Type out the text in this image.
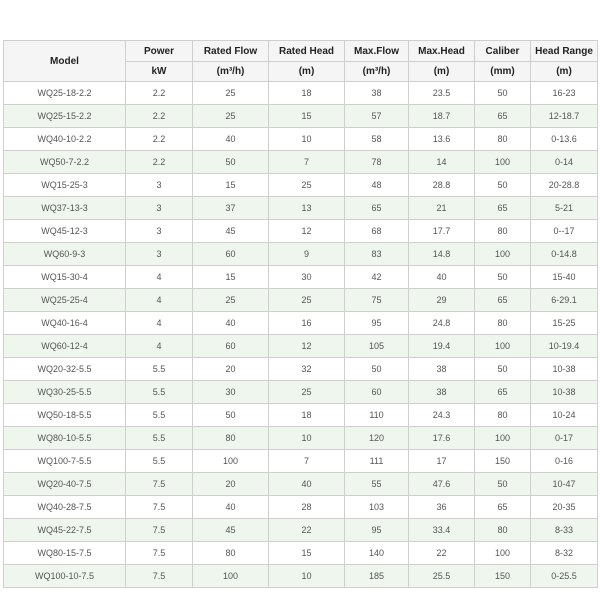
Model	Power	Rated Flow	Rated Head	Max.Flow	Max.Head	Caliber	Head Range
	kW	(m³/h)	(m)	(m³/h)	(m)	(mm)	(m)
WQ25-18-2.2	2.2	25	18	38	23.5	50	16-23
WQ25-15-2.2	2.2	25	15	57	18.7	65	12-18.7
WQ40-10-2.2	2.2	40	10	58	13.6	80	0-13.6
WQ50-7-2.2	2.2	50	7	78	14	100	0-14
WQ15-25-3	3	15	25	48	28.8	50	20-28.8
WQ37-13-3	3	37	13	65	21	65	5-21
WQ45-12-3	3	45	12	68	17.7	80	0--17
WQ60-9-3	3	60	9	83	14.8	100	0-14.8
WQ15-30-4	4	15	30	42	40	50	15-40
WQ25-25-4	4	25	25	75	29	65	6-29.1
WQ40-16-4	4	40	16	95	24.8	80	15-25
WQ60-12-4	4	60	12	105	19.4	100	10-19.4
WQ20-32-5.5	5.5	20	32	50	38	50	10-38
WQ30-25-5.5	5.5	30	25	60	38	65	10-38
WQ50-18-5.5	5.5	50	18	110	24.3	80	10-24
WQ80-10-5.5	5.5	80	10	120	17.6	100	0-17
WQ100-7-5.5	5.5	100	7	111	17	150	0-16
WQ20-40-7.5	7.5	20	40	55	47.6	50	10-47
WQ40-28-7.5	7.5	40	28	103	36	65	20-35
WQ45-22-7.5	7.5	45	22	95	33.4	80	8-33
WQ80-15-7.5	7.5	80	15	140	22	100	8-32
WQ100-10-7.5	7.5	100	10	185	25.5	150	0-25.5
